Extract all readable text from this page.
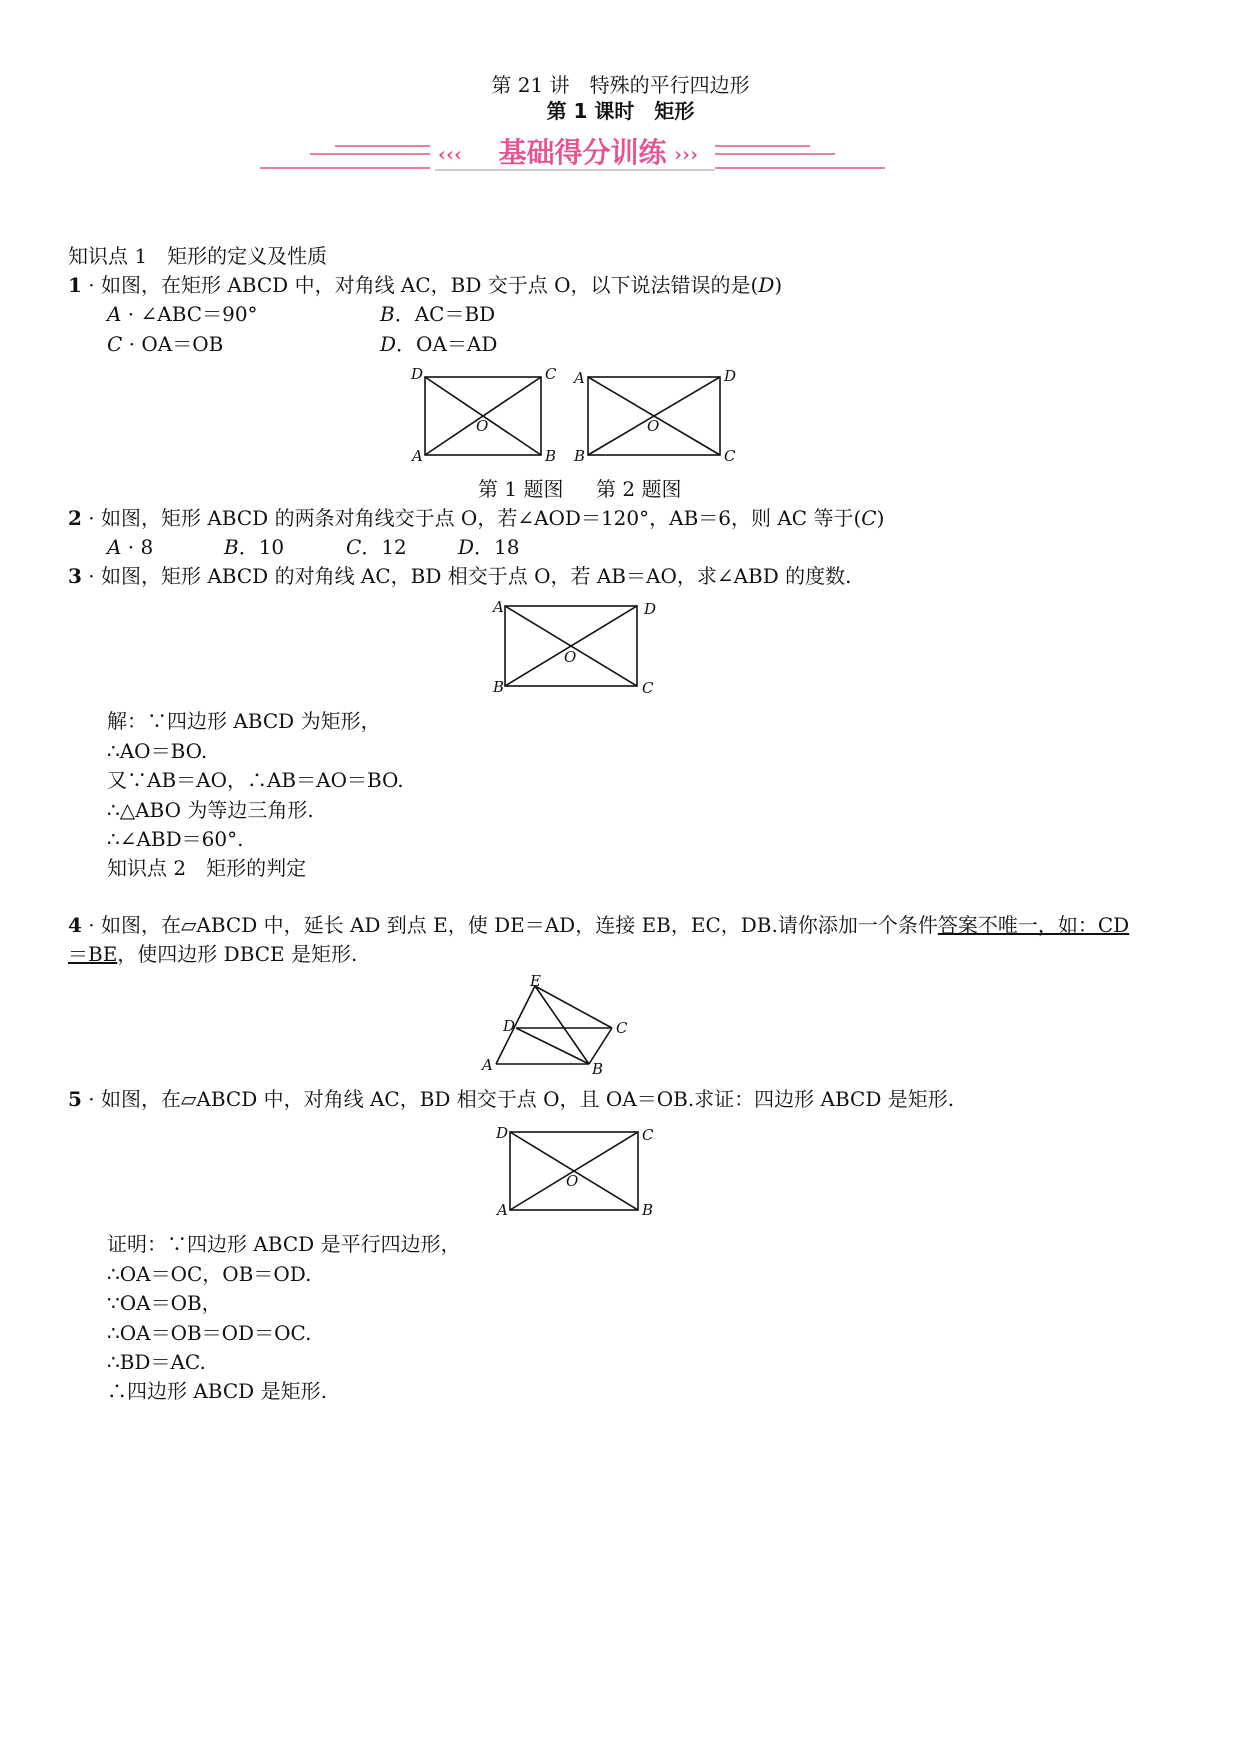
第 21 讲　特殊的平行四边形
第 1 课时　矩形
‹‹‹	›››
基础得分训练
知识点 1　矩形的定义及性质
1 · 如图，在矩形 ABCD 中，对角线 AC，BD 交于点 O，以下说法错误的是(D)
A · ∠ABC＝90°	B．AC＝BD
C · OA＝OB	D．OA＝AD
D	C
A	B
O
A	D
B	C
O
第 1 题图 第 2 题图
2 · 如图，矩形 ABCD 的两条对角线交于点 O，若∠AOD＝120°，AB＝6，则 AC 等于(C)
A · 8	B．10	C．12	D．18
3 · 如图，矩形 ABCD 的对角线 AC，BD 相交于点 O，若 AB＝AO，求∠ABD 的度数.
A	D
B	C
O
解：∵四边形 ABCD 为矩形，
∴AO＝BO.
又∵AB＝AO，∴AB＝AO＝BO.
∴△ABO 为等边三角形.
∴∠ABD＝60°.
知识点 2　矩形的判定
4 · 如图，在▱ABCD 中，延长 AD 到点 E，使 DE＝AD，连接 EB，EC，DB.请你添加一个条件答案不唯一，如：CD
＝BE，使四边形 DBCE 是矩形.
E
D	C
A	B
5 · 如图，在▱ABCD 中，对角线 AC，BD 相交于点 O，且 OA＝OB.求证：四边形 ABCD 是矩形.
D	C
A	B
O
证明：∵四边形 ABCD 是平行四边形，
∴OA＝OC，OB＝OD.
∵OA＝OB，
∴OA＝OB＝OD＝OC.
∴BD＝AC.
∴四边形 ABCD 是矩形.
